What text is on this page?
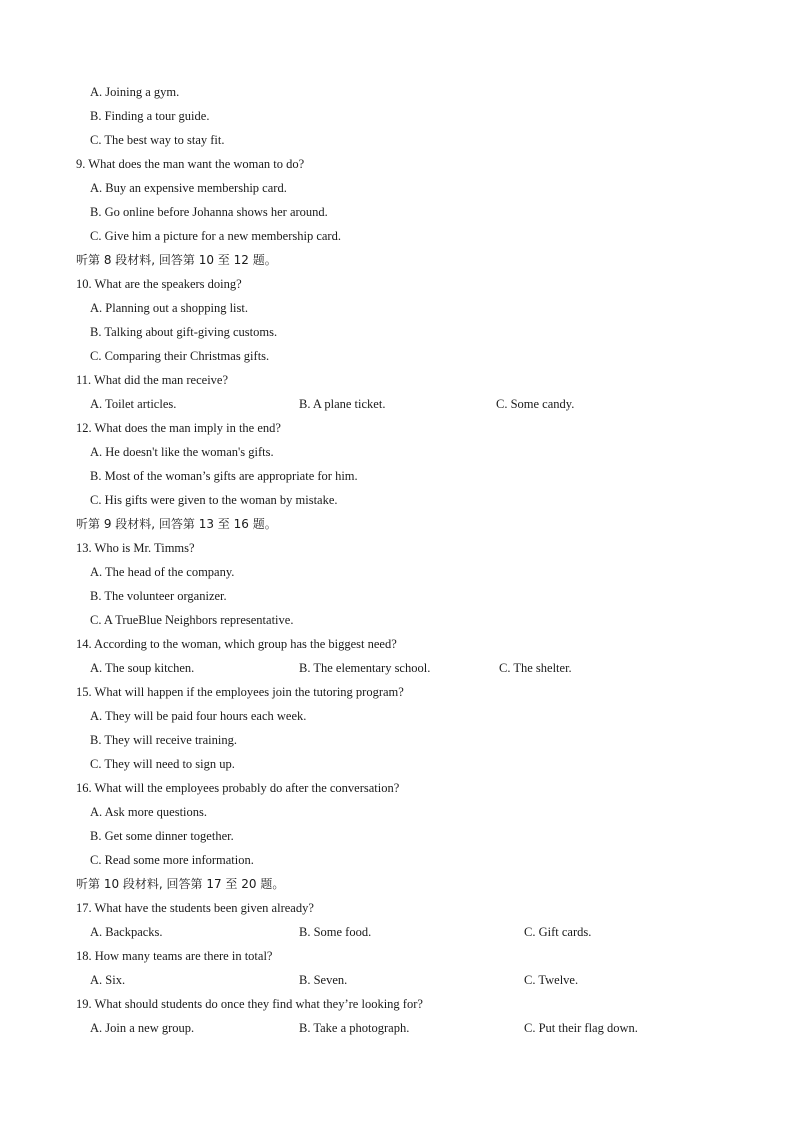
A. Joining a gym.
B. Finding a tour guide.
C. The best way to stay fit.
9. What does the man want the woman to do?
A. Buy an expensive membership card.
B. Go online before Johanna shows her around.
C. Give him a picture for a new membership card.
听第 8 段材料, 回答第 10 至 12 题。
10. What are the speakers doing?
A. Planning out a shopping list.
B. Talking about gift-giving customs.
C. Comparing their Christmas gifts.
11. What did the man receive?
A. Toilet articles.	B. A plane ticket.	C. Some candy.
12. What does the man imply in the end?
A. He doesn't like the woman's gifts.
B. Most of the woman’s gifts are appropriate for him.
C. His gifts were given to the woman by mistake.
听第 9 段材料, 回答第 13 至 16 题。
13. Who is Mr. Timms?
A. The head of the company.
B. The volunteer organizer.
C. A TrueBlue Neighbors representative.
14. According to the woman, which group has the biggest need?
A. The soup kitchen.	B. The elementary school.	C. The shelter.
15. What will happen if the employees join the tutoring program?
A. They will be paid four hours each week.
B. They will receive training.
C. They will need to sign up.
16. What will the employees probably do after the conversation?
A. Ask more questions.
B. Get some dinner together.
C. Read some more information.
听第 10 段材料, 回答第 17 至 20 题。
17. What have the students been given already?
A. Backpacks.	B. Some food.	C. Gift cards.
18. How many teams are there in total?
A. Six.	B. Seven.	C. Twelve.
19. What should students do once they find what they’re looking for?
A. Join a new group.	B. Take a photograph.	C. Put their flag down.
